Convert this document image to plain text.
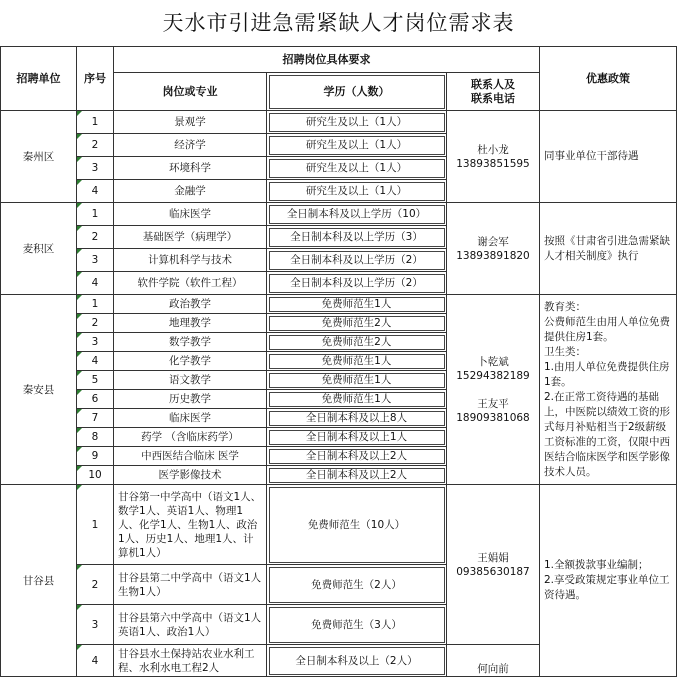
天水市引进急需紧缺人才岗位需求表
招聘单位	序号	招聘岗位具体要求			优惠政策
		岗位或专业	学历（人数）	联系人及
联系电话	
秦州区	1	景观学	研究生及以上（1人）	杜小龙
13893851595	同事业单位干部待遇
	2	经济学	研究生及以上（1人）		
	3	环境科学	研究生及以上（1人）		
	4	金融学	研究生及以上（1人）		
麦积区	1	临床医学	全日制本科及以上学历（10）	谢会军
13893891820	按照《甘肃省引进急需紧缺人才相关制度》执行
	2	基础医学（病理学）	全日制本科及以上学历（3）		
	3	计算机科学与技术	全日制本科及以上学历（2）		
	4	软件学院（软件工程）	全日制本科及以上学历（2）		
秦安县	1	政治教学	免费师范生1人	卜乾斌
15294382189

王友平
18909381068	教育类：
公费师范生由用人单位免费提供住房1套。
卫生类：
1.由用人单位免费提供住房1套。
2.在正常工资待遇的基础上，中医院以绩效工资的形式每月补贴相当于2级薪级工资标准的工资，仅限中西医结合临床医学和医学影像技术人员。
	2	地理教学	免费师范生2人		
	3	数学教学	免费师范生2人		
	4	化学教学	免费师范生1人		
	5	语文教学	免费师范生1人		
	6	历史教学	免费师范生1人		
	7	临床医学	全日制本科及以上8人		
	8	药学 （含临床药学）	全日制本科及以上1人		
	9	中西医结合临床 医学	全日制本科及以上2人		
	10	医学影像技术	全日制本科及以上2人		
甘谷县	1	甘谷第一中学高中（语文1人、数学1人、英语1人、物理1人、化学1人、生物1人、政治1人、历史1人、地理1人、计算机1人）	免费师范生（10人）	王娟娟
09385630187	1.全额拨款事业编制；
2.享受政策规定事业单位工资待遇。
	2	甘谷县第二中学高中（语文1人生物1人）	免费师范生（2人）		
	3	甘谷县第六中学高中（语文1人英语1人、政治1人）	免费师范生（3人）		
	4	甘谷县水土保持站农业水利工程、水利水电工程2人	全日制本科及以上（2人）	何向前	
